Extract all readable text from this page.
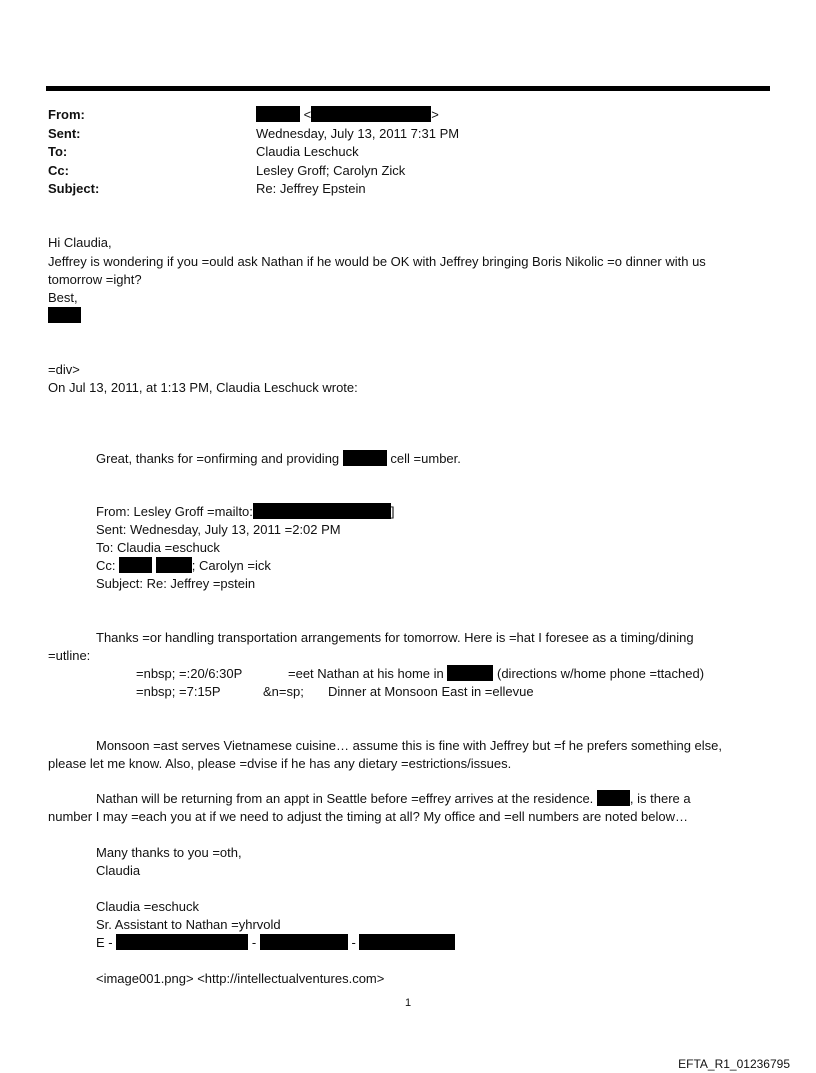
From:	<	>
Sent:	Wednesday, July 13, 2011 7:31 PM
To:	Claudia Leschuck
Cc:	Lesley Groff; Carolyn Zick
Subject:	Re: Jeffrey Epstein
Hi Claudia,
Jeffrey is wondering if you =ould ask Nathan if he would be OK with Jeffrey bringing Boris Nikolic =o dinner with us
tomorrow =ight?
Best,
=div>
On Jul 13, 2011, at 1:13 PM, Claudia Leschuck wrote:
Great, thanks for =onfirming and providing	cell =umber.
From: Lesley Groff =mailto:	]
Sent: Wednesday, July 13, 2011 =2:02 PM
To: Claudia =eschuck
Cc:	; Carolyn =ick
Subject: Re: Jeffrey =pstein
Thanks =or handling transportation arrangements for tomorrow. Here is =hat I foresee as a timing/dining
=utline:
=nbsp; =:20/6:30P	=eet Nathan at his home in	(directions w/home phone =ttached)
=nbsp; =7:15P	&n=sp; Dinner at Monsoon East in =ellevue
Monsoon =ast serves Vietnamese cuisine… assume this is fine with Jeffrey but =f he prefers something else,
please let me know. Also, please =dvise if he has any dietary =estrictions/issues.
Nathan will be returning from an appt in Seattle before =effrey arrives at the residence.	, is there a
number I may =each you at if we need to adjust the timing at all? My office and =ell numbers are noted below…
Many thanks to you =oth,
Claudia
Claudia =eschuck
Sr. Assistant to Nathan =yhrvold
E -	-	-
<image001.png> <http://intellectualventures.com>
1
EFTA_R1_01236795
